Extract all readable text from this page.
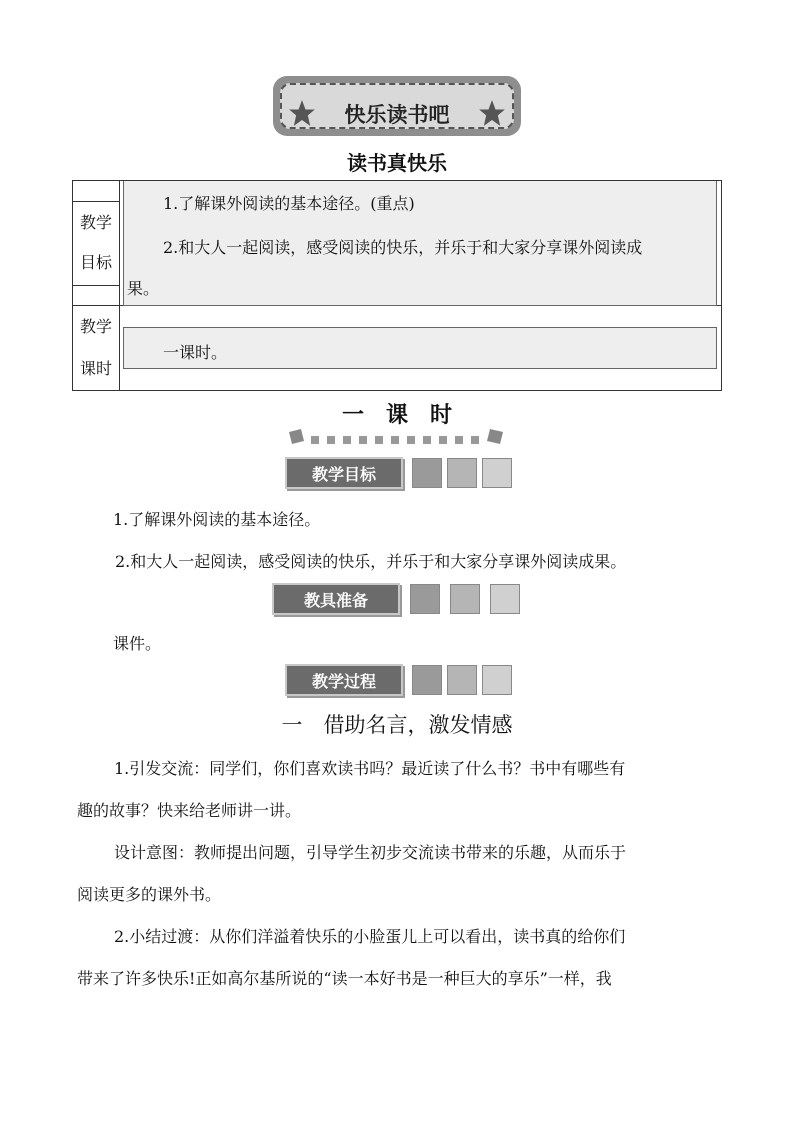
快乐读书吧
读书真快乐
教学
目标
教学
课时
1.了解课外阅读的基本途径。(重点)
2.和大人一起阅读，感受阅读的快乐，并乐于和大家分享课外阅读成
果。
一课时。
一课时
教学目标
1.了解课外阅读的基本途径。
2.和大人一起阅读，感受阅读的快乐，并乐于和大家分享课外阅读成果。
教具准备
课件。
教学过程
一　借助名言，激发情感
1.引发交流：同学们，你们喜欢读书吗？最近读了什么书？书中有哪些有
趣的故事？快来给老师讲一讲。
设计意图：教师提出问题，引导学生初步交流读书带来的乐趣，从而乐于
阅读更多的课外书。
2.小结过渡：从你们洋溢着快乐的小脸蛋儿上可以看出，读书真的给你们
带来了许多快乐!正如高尔基所说的“读一本好书是一种巨大的享乐”一样，我
